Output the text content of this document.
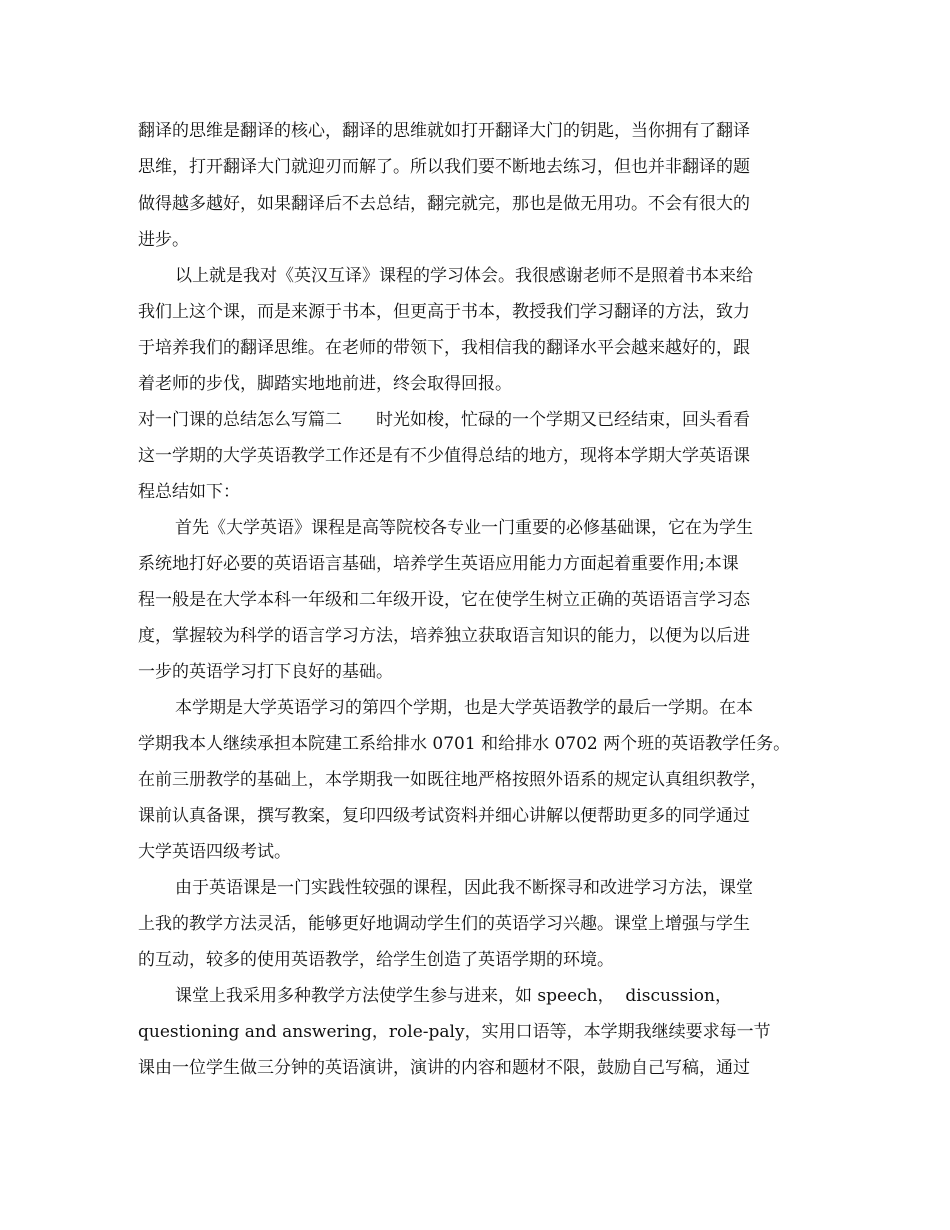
翻译的思维是翻译的核心，翻译的思维就如打开翻译大门的钥匙，当你拥有了翻译
思维，打开翻译大门就迎刃而解了。所以我们要不断地去练习，但也并非翻译的题
做得越多越好，如果翻译后不去总结，翻完就完，那也是做无用功。不会有很大的
进步。
以上就是我对《英汉互译》课程的学习体会。我很感谢老师不是照着书本来给
我们上这个课，而是来源于书本，但更高于书本，教授我们学习翻译的方法，致力
于培养我们的翻译思维。在老师的带领下，我相信我的翻译水平会越来越好的，跟
着老师的步伐，脚踏实地地前进，终会取得回报。
对一门课的总结怎么写篇二　　时光如梭，忙碌的一个学期又已经结束，回头看看
这一学期的大学英语教学工作还是有不少值得总结的地方，现将本学期大学英语课
程总结如下：
首先《大学英语》课程是高等院校各专业一门重要的必修基础课，它在为学生
系统地打好必要的英语语言基础，培养学生英语应用能力方面起着重要作用;本课
程一般是在大学本科一年级和二年级开设，它在使学生树立正确的英语语言学习态
度，掌握较为科学的语言学习方法，培养独立获取语言知识的能力，以便为以后进
一步的英语学习打下良好的基础。
本学期是大学英语学习的第四个学期，也是大学英语教学的最后一学期。在本
学期我本人继续承担本院建工系给排水 0701 和给排水 0702 两个班的英语教学任务。
在前三册教学的基础上，本学期我一如既往地严格按照外语系的规定认真组织教学，
课前认真备课，撰写教案，复印四级考试资料并细心讲解以便帮助更多的同学通过
大学英语四级考试。
由于英语课是一门实践性较强的课程，因此我不断探寻和改进学习方法，课堂
上我的教学方法灵活，能够更好地调动学生们的英语学习兴趣。课堂上增强与学生
的互动，较多的使用英语教学，给学生创造了英语学期的环境。
课堂上我采用多种教学方法使学生参与进来，如 speech，  discussion，
questioning and answering，role-paly，实用口语等，本学期我继续要求每一节
课由一位学生做三分钟的英语演讲，演讲的内容和题材不限，鼓励自己写稿，通过
